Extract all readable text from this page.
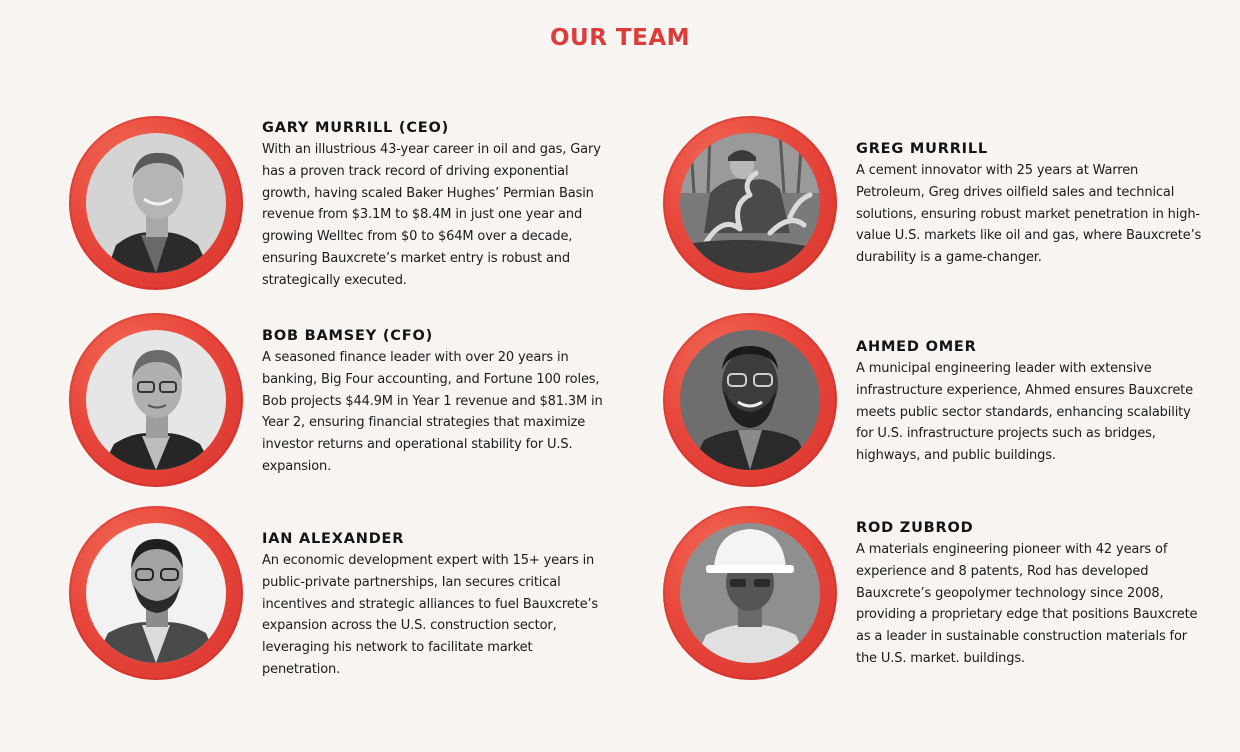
OUR TEAM
GARY MURRILL (CEO)

With an illustrious 43-year career in oil and gas, Gary has a proven track record of driving exponential growth, having scaled Baker Hughes’ Permian Basin revenue from $3.1M to $8.4M in just one year and growing Welltec from $0 to $64M over a decade, ensuring Bauxcrete’s market entry is robust and strategically executed.

BOB BAMSEY (CFO)

A seasoned finance leader with over 20 years in banking, Big Four accounting, and Fortune 100 roles, Bob projects $44.9M in Year 1 revenue and $81.3M in Year 2, ensuring financial strategies that maximize investor returns and operational stability for U.S. expansion.

IAN ALEXANDER

An economic development expert with 15+ years in public-private partnerships, Ian secures critical incentives and strategic alliances to fuel Bauxcrete’s expansion across the U.S. construction sector, leveraging his network to facilitate market penetration.

GREG MURRILL

A cement innovator with 25 years at Warren Petroleum, Greg drives oilfield sales and technical solutions, ensuring robust market penetration in high-value U.S. markets like oil and gas, where Bauxcrete’s durability is a game-changer.

AHMED OMER

A municipal engineering leader with extensive infrastructure experience, Ahmed ensures Bauxcrete meets public sector standards, enhancing scalability for U.S. infrastructure projects such as bridges, highways, and public buildings.

ROD ZUBROD

A materials engineering pioneer with 42 years of experience and 8 patents, Rod has developed Bauxcrete’s geopolymer technology since 2008, providing a proprietary edge that positions Bauxcrete as a leader in sustainable construction materials for the U.S. market. buildings.
